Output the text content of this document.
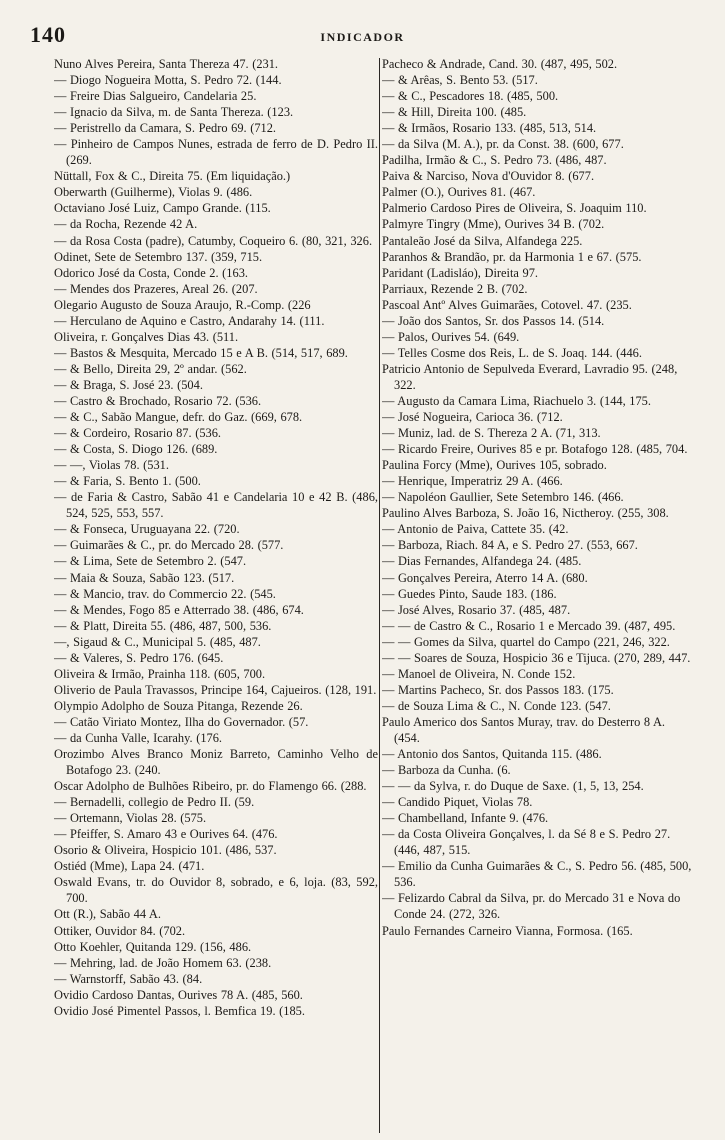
140	INDICADOR
Nuno Alves Pereira, Santa Thereza 47. (231.
— Diogo Nogueira Motta, S. Pedro 72. (144.
— Freire Dias Salgueiro, Candelaria 25.
— Ignacio da Silva, m. de Santa Thereza. (123.
— Peristrello da Camara, S. Pedro 69. (712.
— Pinheiro de Campos Nunes, estrada de ferro de D. Pedro II. (269.
Nüttall, Fox & C., Direita 75. (Em liquidação.)
Oberwarth (Guilherme), Violas 9. (486.
Octaviano José Luiz, Campo Grande. (115.
— da Rocha, Rezende 42 A.
— da Rosa Costa (padre), Catumby, Coqueiro 6. (80, 321, 326.
Odinet, Sete de Setembro 137. (359, 715.
Odorico José da Costa, Conde 2. (163.
— Mendes dos Prazeres, Areal 26. (207.
Olegario Augusto de Souza Araujo, R.-Comp. (226
— Herculano de Aquino e Castro, Andarahy 14. (111.
Oliveira, r. Gonçalves Dias 43. (511.
— Bastos & Mesquita, Mercado 15 e A B. (514, 517, 689.
— & Bello, Direita 29, 2º andar. (562.
— & Braga, S. José 23. (504.
— Castro & Brochado, Rosario 72. (536.
— & C., Sabão Mangue, defr. do Gaz. (669, 678.
— & Cordeiro, Rosario 87. (536.
— & Costa, S. Diogo 126. (689.
— —, Violas 78. (531.
— & Faria, S. Bento 1. (500.
— de Faria & Castro, Sabão 41 e Candelaria 10 e 42 B. (486, 524, 525, 553, 557.
— & Fonseca, Uruguayana 22. (720.
— Guimarães & C., pr. do Mercado 28. (577.
— & Lima, Sete de Setembro 2. (547.
— Maia & Souza, Sabão 123. (517.
— & Mancio, trav. do Commercio 22. (545.
— & Mendes, Fogo 85 e Atterrado 38. (486, 674.
— & Platt, Direita 55. (486, 487, 500, 536.
—, Sigaud & C., Municipal 5. (485, 487.
— & Valeres, S. Pedro 176. (645.
Oliveira & Irmão, Prainha 118. (605, 700.
Oliverio de Paula Travassos, Principe 164, Cajueiros. (128, 191.
Olympio Adolpho de Souza Pitanga, Rezende 26.
— Catão Viriato Montez, Ilha do Governador. (57.
— da Cunha Valle, Icarahy. (176.
Orozimbo Alves Branco Moniz Barreto, Caminho Velho de Botafogo 23. (240.
Oscar Adolpho de Bulhões Ribeiro, pr. do Flamengo 66. (288.
— Bernadelli, collegio de Pedro II. (59.
— Ortemann, Violas 28. (575.
— Pfeiffer, S. Amaro 43 e Ourives 64. (476.
Osorio & Oliveira, Hospicio 101. (486, 537.
Ostiéd (Mme), Lapa 24. (471.
Oswald Evans, tr. do Ouvidor 8, sobrado, e 6, loja. (83, 592, 700.
Ott (R.), Sabão 44 A.
Ottiker, Ouvidor 84. (702.
Otto Koehler, Quitanda 129. (156, 486.
— Mehring, lad. de João Homem 63. (238.
— Warnstorff, Sabão 43. (84.
Ovidio Cardoso Dantas, Ourives 78 A. (485, 560.
Ovidio José Pimentel Passos, l. Bemfica 19. (185.
Pacheco & Andrade, Cand. 30. (487, 495, 502.
— & Arêas, S. Bento 53. (517.
— & C., Pescadores 18. (485, 500.
— & Hill, Direita 100. (485.
— & Irmãos, Rosario 133. (485, 513, 514.
— da Silva (M. A.), pr. da Const. 38. (600, 677.
Padilha, Irmão & C., S. Pedro 73. (486, 487.
Paiva & Narciso, Nova d'Ouvidor 8. (677.
Palmer (O.), Ourives 81. (467.
Palmerio Cardoso Pires de Oliveira, S. Joaquim 110.
Palmyre Tingry (Mme), Ourives 34 B. (702.
Pantaleão José da Silva, Alfandega 225.
Paranhos & Brandão, pr. da Harmonia 1 e 67. (575.
Paridant (Ladisláo), Direita 97.
Parriaux, Rezende 2 B. (702.
Pascoal Antº Alves Guimarães, Cotovel. 47. (235.
— João dos Santos, Sr. dos Passos 14. (514.
— Palos, Ourives 54. (649.
— Telles Cosme dos Reis, L. de S. Joaq. 144. (446.
Patricio Antonio de Sepulveda Everard, Lavradio 95. (248, 322.
— Augusto da Camara Lima, Riachuelo 3. (144, 175.
— José Nogueira, Carioca 36. (712.
— Muniz, lad. de S. Thereza 2 A. (71, 313.
— Ricardo Freire, Ourives 85 e pr. Botafogo 128. (485, 704.
Paulina Forcy (Mme), Ourives 105, sobrado.
— Henrique, Imperatriz 29 A. (466.
— Napoléon Gaullier, Sete Setembro 146. (466.
Paulino Alves Barboza, S. João 16, Nictheroy. (255, 308.
— Antonio de Paiva, Cattete 35. (42.
— Barboza, Riach. 84 A, e S. Pedro 27. (553, 667.
— Dias Fernandes, Alfandega 24. (485.
— Gonçalves Pereira, Aterro 14 A. (680.
— Guedes Pinto, Saude 183. (186.
— José Alves, Rosario 37. (485, 487.
— — de Castro & C., Rosario 1 e Mercado 39. (487, 495.
— — Gomes da Silva, quartel do Campo (221, 246, 322.
— — Soares de Souza, Hospicio 36 e Tijuca. (270, 289, 447.
— Manoel de Oliveira, N. Conde 152.
— Martins Pacheco, Sr. dos Passos 183. (175.
— de Souza Lima & C., N. Conde 123. (547.
Paulo Americo dos Santos Muray, trav. do Desterro 8 A. (454.
— Antonio dos Santos, Quitanda 115. (486.
— Barboza da Cunha. (6.
— — da Sylva, r. do Duque de Saxe. (1, 5, 13, 254.
— Candido Piquet, Violas 78.
— Chambelland, Infante 9. (476.
— da Costa Oliveira Gonçalves, l. da Sé 8 e S. Pedro 27. (446, 487, 515.
— Emilio da Cunha Guimarães & C., S. Pedro 56. (485, 500, 536.
— Felizardo Cabral da Silva, pr. do Mercado 31 e Nova do Conde 24. (272, 326.
Paulo Fernandes Carneiro Vianna, Formosa. (165.
